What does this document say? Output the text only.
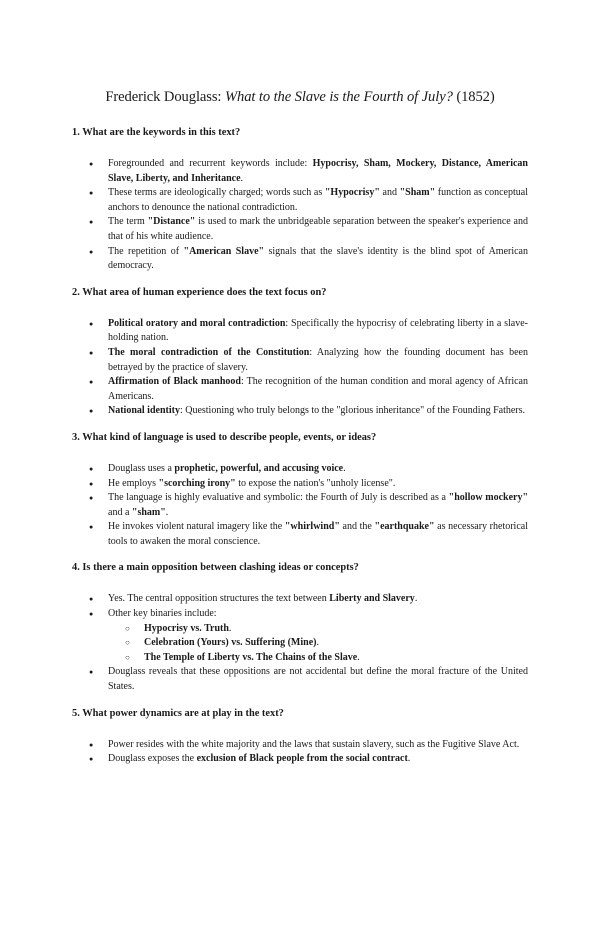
Frederick Douglass: What to the Slave is the Fourth of July? (1852)
1. What are the keywords in this text?
● Foregrounded and recurrent keywords include: Hypocrisy, Sham, Mockery, Distance, American Slave, Liberty, and Inheritance.
● These terms are ideologically charged; words such as "Hypocrisy" and "Sham" function as conceptual anchors to denounce the national contradiction.
● The term "Distance" is used to mark the unbridgeable separation between the speaker's experience and that of his white audience.
● The repetition of "American Slave" signals that the slave's identity is the blind spot of American democracy.
2. What area of human experience does the text focus on?
● Political oratory and moral contradiction: Specifically the hypocrisy of celebrating liberty in a slave-holding nation.
● The moral contradiction of the Constitution: Analyzing how the founding document has been betrayed by the practice of slavery.
● Affirmation of Black manhood: The recognition of the human condition and moral agency of African Americans.
● National identity: Questioning who truly belongs to the "glorious inheritance" of the Founding Fathers.
3. What kind of language is used to describe people, events, or ideas?
● Douglass uses a prophetic, powerful, and accusing voice.
● He employs "scorching irony" to expose the nation's "unholy license".
● The language is highly evaluative and symbolic: the Fourth of July is described as a "hollow mockery" and a "sham".
● He invokes violent natural imagery like the "whirlwind" and the "earthquake" as necessary rhetorical tools to awaken the moral conscience.
4. Is there a main opposition between clashing ideas or concepts?
● Yes. The central opposition structures the text between Liberty and Slavery.
● Other key binaries include:
○ Hypocrisy vs. Truth.
○ Celebration (Yours) vs. Suffering (Mine).
○ The Temple of Liberty vs. The Chains of the Slave.
● Douglass reveals that these oppositions are not accidental but define the moral fracture of the United States.
5. What power dynamics are at play in the text?
● Power resides with the white majority and the laws that sustain slavery, such as the Fugitive Slave Act.
● Douglass exposes the exclusion of Black people from the social contract.
